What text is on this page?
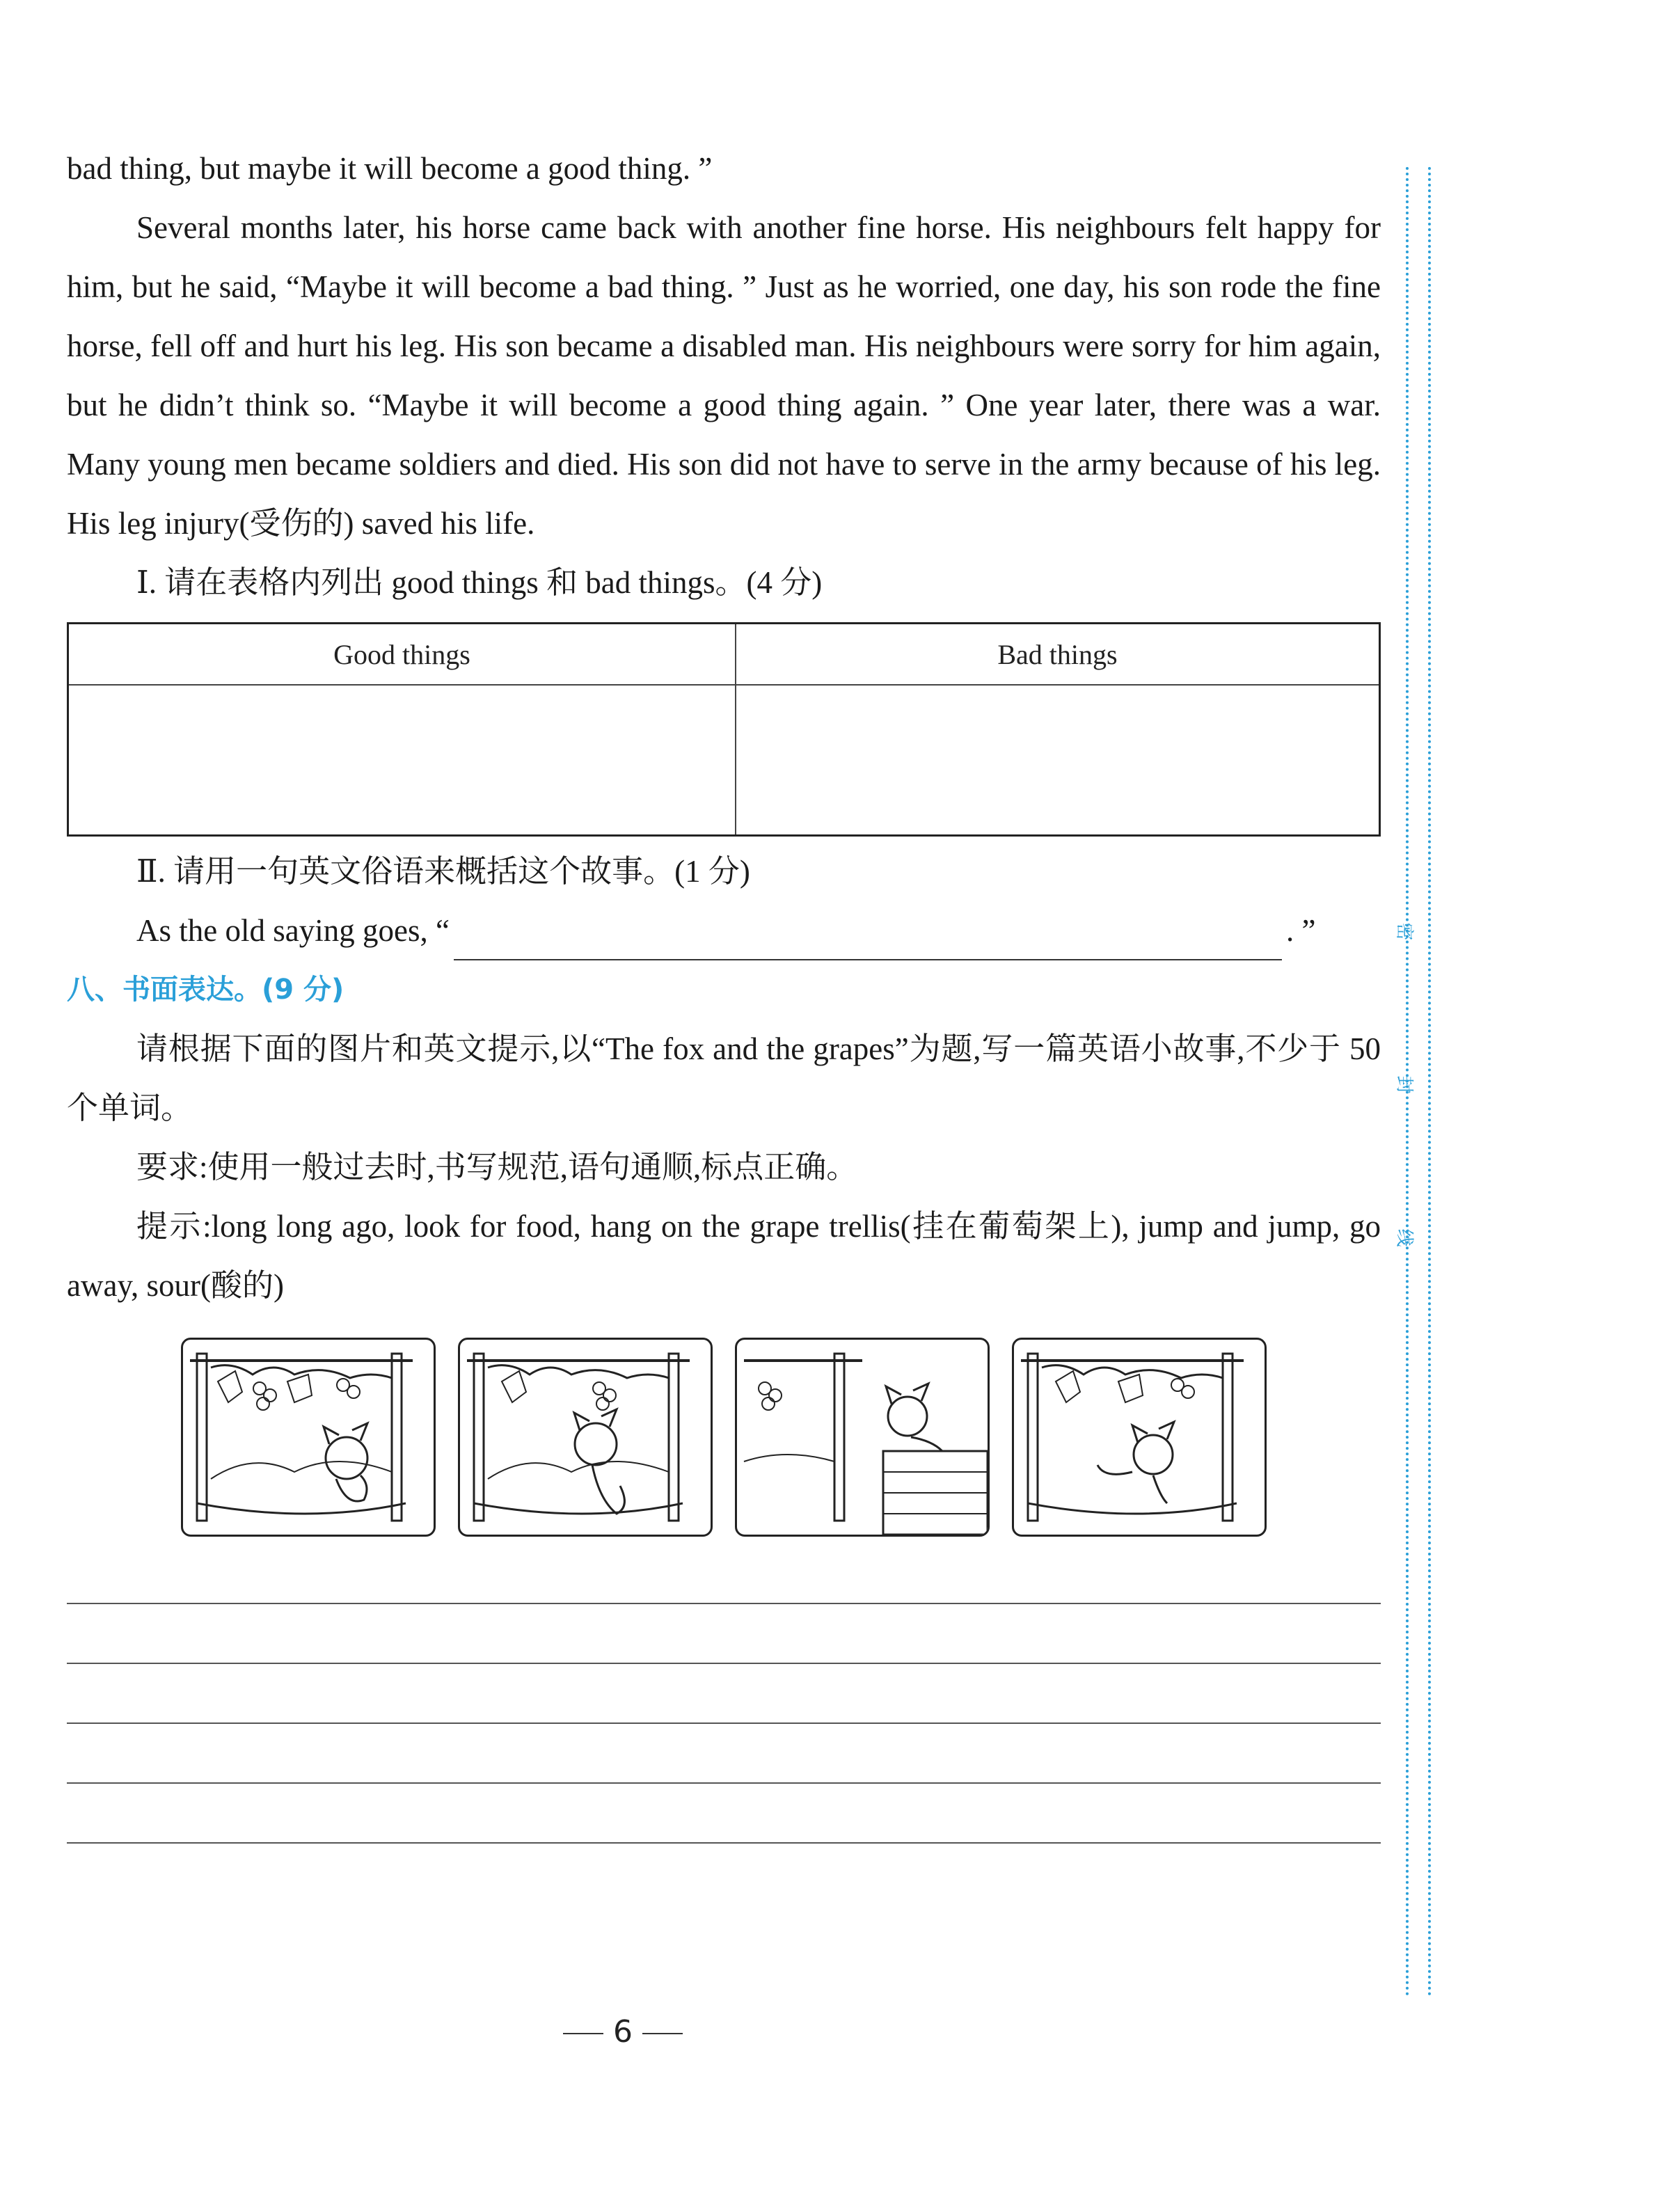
bad thing, but maybe it will become a good thing. ”

Several months later, his horse came back with another fine horse. His neighbours felt happy for him, but he said, “Maybe it will become a bad thing. ” Just as he worried, one day, his son rode the fine horse, fell off and hurt his leg. His son became a disabled man. His neighbours were sorry for him again, but he didn’t think so. “Maybe it will become a good thing again. ” One year later, there was a war. Many young men became soldiers and died. His son did not have to serve in the army because of his leg. His leg injury(受伤的) saved his life.

Ⅰ. 请在表格内列出 good things 和 bad things。(4 分)

Good things	Bad things

Ⅱ. 请用一句英文俗语来概括这个故事。(1 分)

As the old saying goes, “	. ”

八、书面表达。(9 分)

请根据下面的图片和英文提示,以“The fox and the grapes”为题,写一篇英语小故事,不少于 50 个单词。

要求:使用一般过去时,书写规范,语句通顺,标点正确。

提示:long long ago, look for food, hang on the grape trellis(挂在葡萄架上), jump and jump, go away, sour(酸的)

密
封
线
6
